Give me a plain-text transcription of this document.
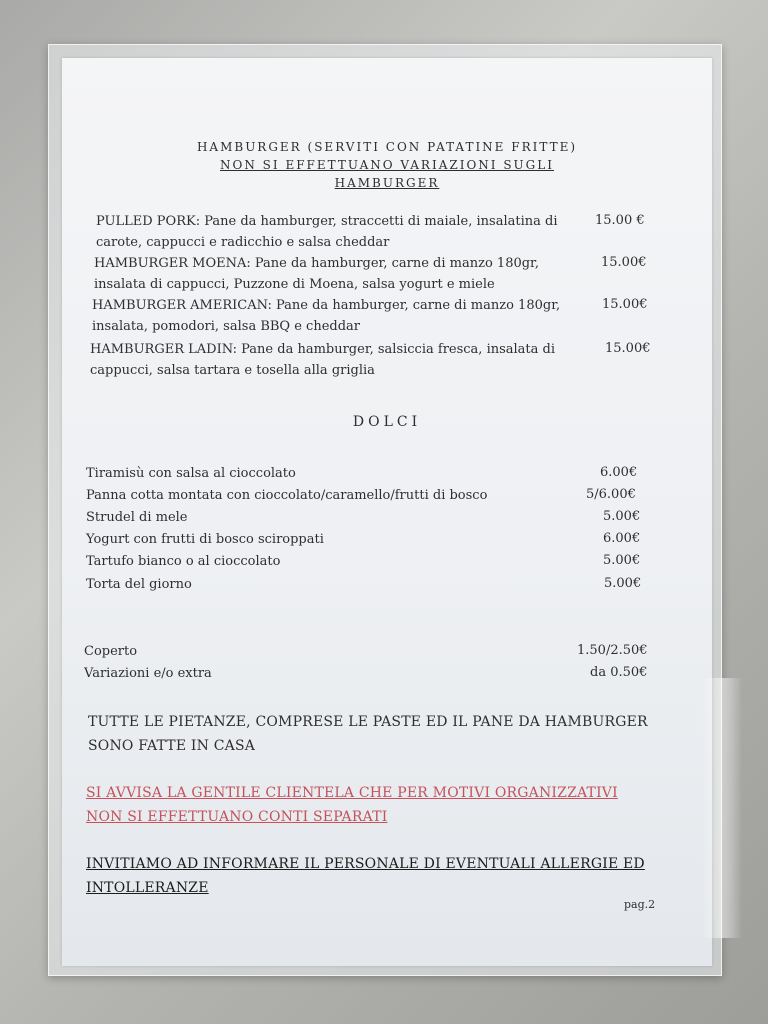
HAMBURGER (SERVITI CON PATATINE FRITTE)
NON SI EFFETTUANO VARIAZIONI SUGLI
HAMBURGER
PULLED PORK: Pane da hamburger, straccetti di maiale, insalatina di
carote, cappucci e radicchio e salsa cheddar
15.00 €
HAMBURGER MOENA: Pane da hamburger, carne di manzo 180gr,
insalata di cappucci, Puzzone di Moena, salsa yogurt e miele
15.00€
HAMBURGER AMERICAN: Pane da hamburger, carne di manzo 180gr,
insalata, pomodori, salsa BBQ e cheddar
15.00€
HAMBURGER LADIN: Pane da hamburger, salsiccia fresca, insalata di
cappucci, salsa tartara e tosella alla griglia
15.00€
DOLCI
Tiramisù con salsa al cioccolato	6.00€
Panna cotta montata con cioccolato/caramello/frutti di bosco	5/6.00€
Strudel di mele	5.00€
Yogurt con frutti di bosco sciroppati	6.00€
Tartufo bianco o al cioccolato	5.00€
Torta del giorno	5.00€
Coperto	1.50/2.50€
Variazioni e/o extra	da 0.50€
TUTTE LE PIETANZE, COMPRESE LE PASTE ED IL PANE DA HAMBURGER
SONO FATTE IN CASA
SI AVVISA LA GENTILE CLIENTELA CHE PER MOTIVI ORGANIZZATIVI
NON SI EFFETTUANO CONTI SEPARATI
INVITIAMO AD INFORMARE IL PERSONALE DI EVENTUALI ALLERGIE ED
INTOLLERANZE
pag.2
